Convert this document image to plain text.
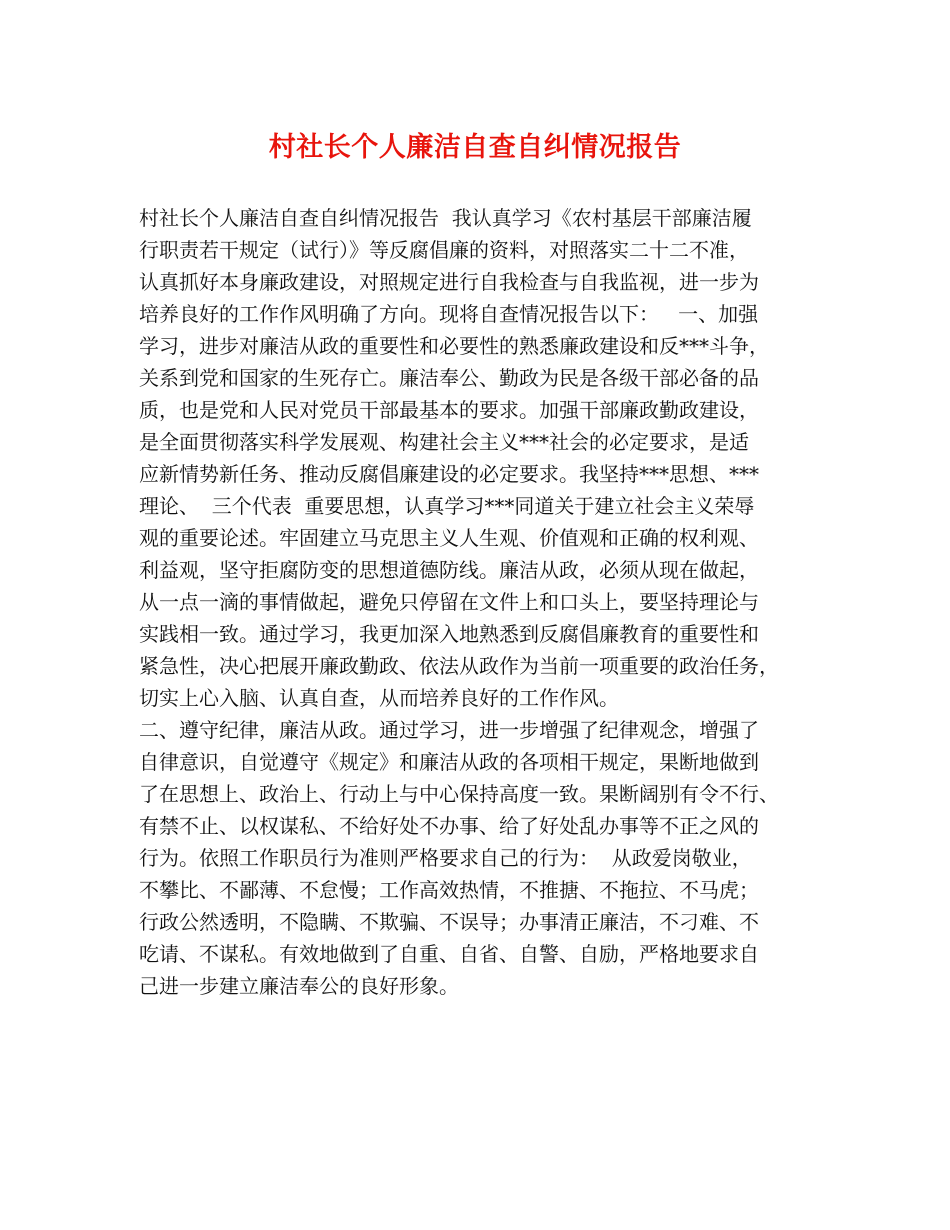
村社长个人廉洁自查自纠情况报告
村社长个人廉洁自查自纠情况报告  我认真学习《农村基层干部廉洁履
行职责若干规定（试行）》等反腐倡廉的资料，对照落实二十二不准，
认真抓好本身廉政建设，对照规定进行自我检查与自我监视，进一步为
培养良好的工作作风明确了方向。现将自查情况报告以下：   一、加强
学习，进步对廉洁从政的重要性和必要性的熟悉廉政建设和反***斗争，
关系到党和国家的生死存亡。廉洁奉公、勤政为民是各级干部必备的品
质，也是党和人民对党员干部最基本的要求。加强干部廉政勤政建设，
是全面贯彻落实科学发展观、构建社会主义***社会的必定要求，是适
应新情势新任务、推动反腐倡廉建设的必定要求。我坚持***思想、***
理论、  三个代表  重要思想，认真学习***同道关于建立社会主义荣辱
观的重要论述。牢固建立马克思主义人生观、价值观和正确的权利观、
利益观，坚守拒腐防变的思想道德防线。廉洁从政，必须从现在做起，
从一点一滴的事情做起，避免只停留在文件上和口头上，要坚持理论与
实践相一致。通过学习，我更加深入地熟悉到反腐倡廉教育的重要性和
紧急性，决心把展开廉政勤政、依法从政作为当前一项重要的政治任务，
切实上心入脑、认真自查，从而培养良好的工作作风。
二、遵守纪律，廉洁从政。通过学习，进一步增强了纪律观念，增强了
自律意识，自觉遵守《规定》和廉洁从政的各项相干规定，果断地做到
了在思想上、政治上、行动上与中心保持高度一致。果断阔别有令不行、
有禁不止、以权谋私、不给好处不办事、给了好处乱办事等不正之风的
行为。依照工作职员行为准则严格要求自己的行为：  从政爱岗敬业，
不攀比、不鄙薄、不怠慢；工作高效热情，不推搪、不拖拉、不马虎；
行政公然透明，不隐瞒、不欺骗、不误导；办事清正廉洁，不刁难、不
吃请、不谋私。有效地做到了自重、自省、自警、自励，严格地要求自
己进一步建立廉洁奉公的良好形象。
